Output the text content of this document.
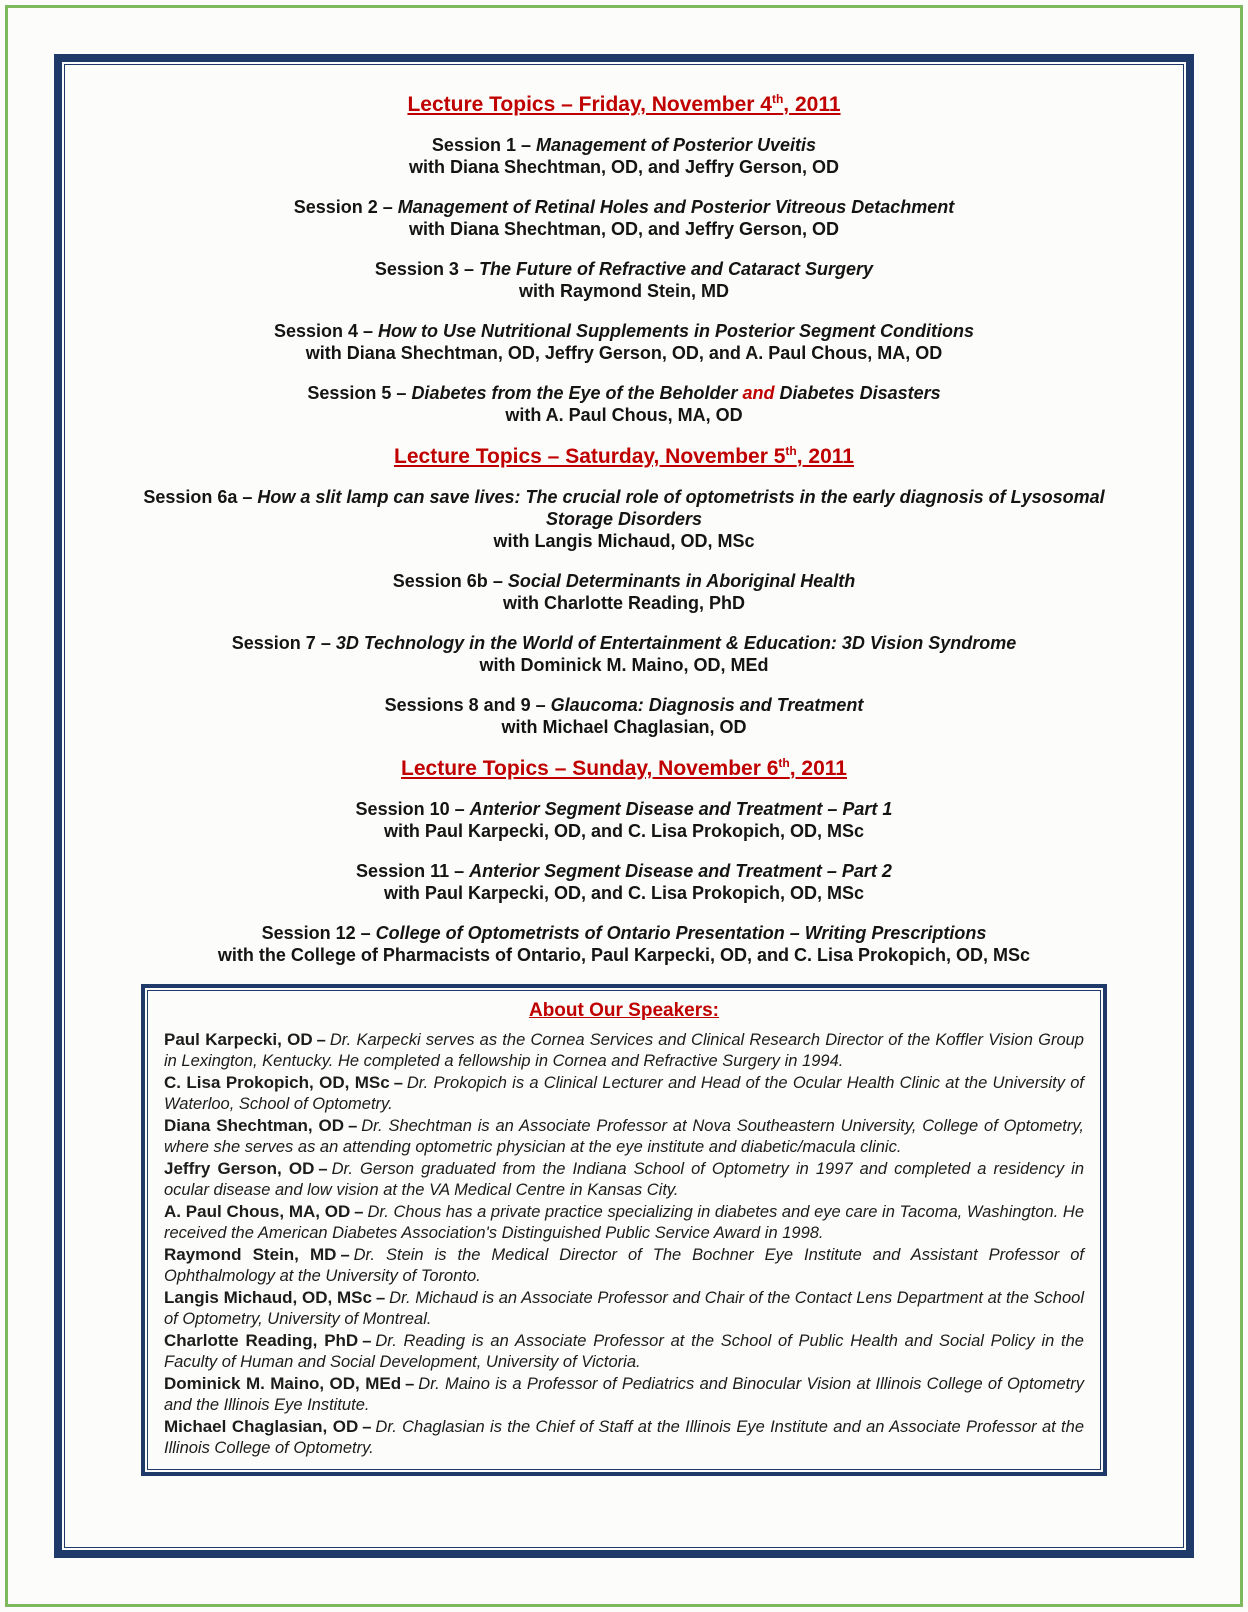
Lecture Topics – Friday, November 4th, 2011
Session 1 – Management of Posterior Uveitis
with Diana Shechtman, OD, and Jeffry Gerson, OD
Session 2 – Management of Retinal Holes and Posterior Vitreous Detachment
with Diana Shechtman, OD, and Jeffry Gerson, OD
Session 3 – The Future of Refractive and Cataract Surgery
with Raymond Stein, MD
Session 4 – How to Use Nutritional Supplements in Posterior Segment Conditions
with Diana Shechtman, OD, Jeffry Gerson, OD, and A. Paul Chous, MA, OD
Session 5 – Diabetes from the Eye of the Beholder and Diabetes Disasters
with A. Paul Chous, MA, OD
Lecture Topics – Saturday, November 5th, 2011
Session 6a – How a slit lamp can save lives: The crucial role of optometrists in the early diagnosis of Lysosomal Storage Disorders
with Langis Michaud, OD, MSc
Session 6b – Social Determinants in Aboriginal Health
with Charlotte Reading, PhD
Session 7 – 3D Technology in the World of Entertainment & Education: 3D Vision Syndrome
with Dominick M. Maino, OD, MEd
Sessions 8 and 9 – Glaucoma: Diagnosis and Treatment
with Michael Chaglasian, OD
Lecture Topics – Sunday, November 6th, 2011
Session 10 – Anterior Segment Disease and Treatment – Part 1
with Paul Karpecki, OD, and C. Lisa Prokopich, OD, MSc
Session 11 – Anterior Segment Disease and Treatment – Part 2
with Paul Karpecki, OD, and C. Lisa Prokopich, OD, MSc
Session 12 – College of Optometrists of Ontario Presentation – Writing Prescriptions
with the College of Pharmacists of Ontario, Paul Karpecki, OD, and C. Lisa Prokopich, OD, MSc
About Our Speakers:

Paul Karpecki, OD – Dr. Karpecki serves as the Cornea Services and Clinical Research Director of the Koffler Vision Group in Lexington, Kentucky. He completed a fellowship in Cornea and Refractive Surgery in 1994.

C. Lisa Prokopich, OD, MSc – Dr. Prokopich is a Clinical Lecturer and Head of the Ocular Health Clinic at the University of Waterloo, School of Optometry.

Diana Shechtman, OD – Dr. Shechtman is an Associate Professor at Nova Southeastern University, College of Optometry, where she serves as an attending optometric physician at the eye institute and diabetic/macula clinic.

Jeffry Gerson, OD – Dr. Gerson graduated from the Indiana School of Optometry in 1997 and completed a residency in ocular disease and low vision at the VA Medical Centre in Kansas City.

A. Paul Chous, MA, OD – Dr. Chous has a private practice specializing in diabetes and eye care in Tacoma, Washington. He received the American Diabetes Association's Distinguished Public Service Award in 1998.

Raymond Stein, MD – Dr. Stein is the Medical Director of The Bochner Eye Institute and Assistant Professor of Ophthalmology at the University of Toronto.

Langis Michaud, OD, MSc – Dr. Michaud is an Associate Professor and Chair of the Contact Lens Department at the School of Optometry, University of Montreal.

Charlotte Reading, PhD – Dr. Reading is an Associate Professor at the School of Public Health and Social Policy in the Faculty of Human and Social Development, University of Victoria.

Dominick M. Maino, OD, MEd – Dr. Maino is a Professor of Pediatrics and Binocular Vision at Illinois College of Optometry and the Illinois Eye Institute.

Michael Chaglasian, OD – Dr. Chaglasian is the Chief of Staff at the Illinois Eye Institute and an Associate Professor at the Illinois College of Optometry.
